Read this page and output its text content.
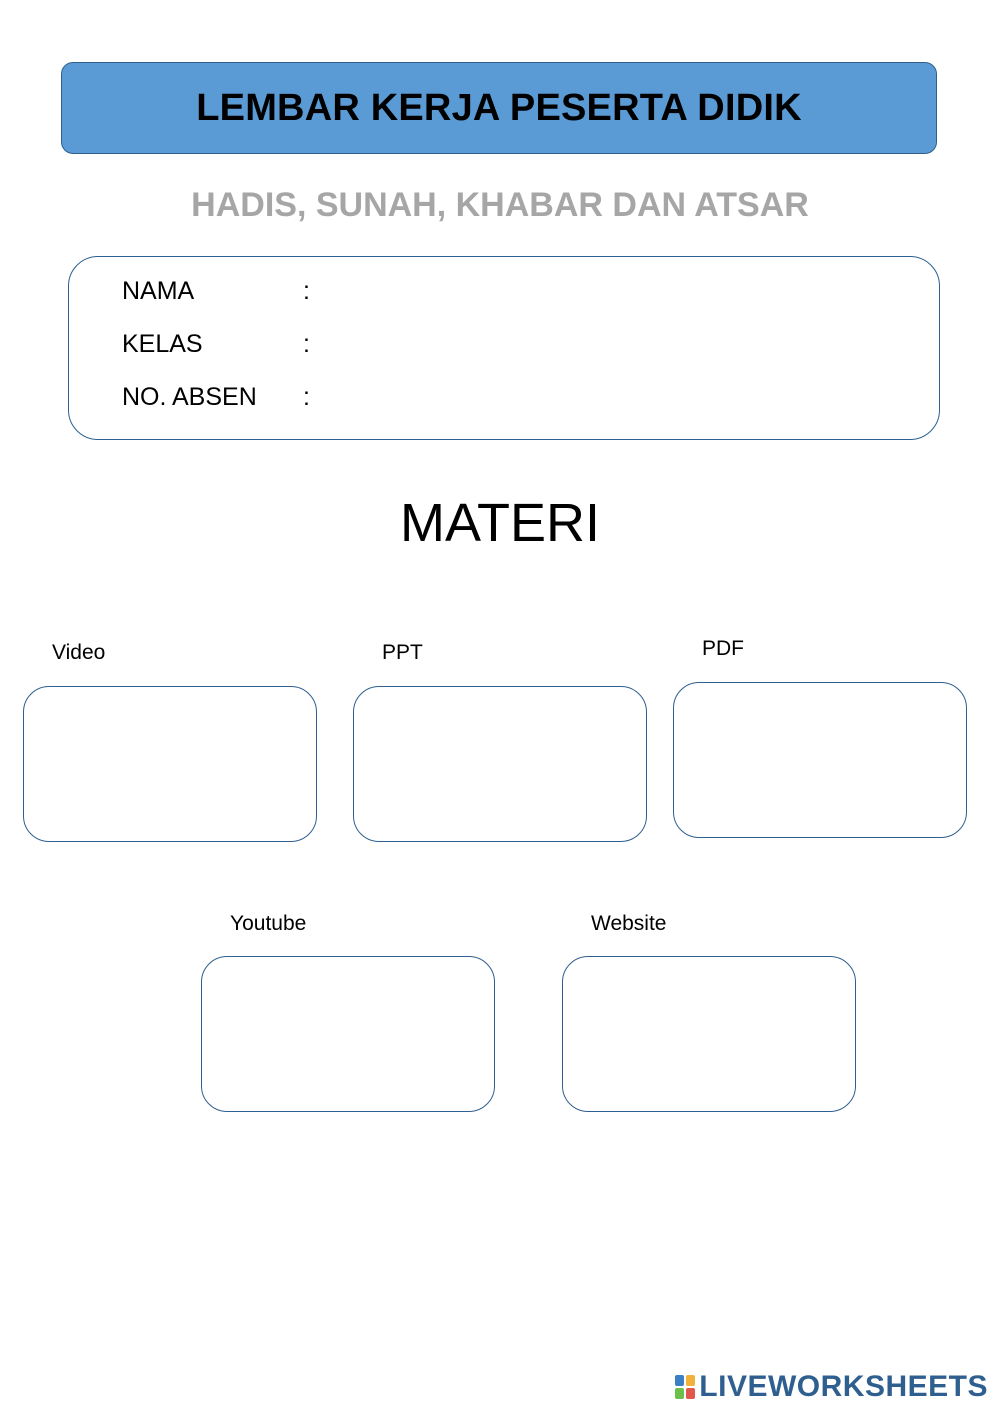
LEMBAR KERJA PESERTA DIDIK
HADIS, SUNAH, KHABAR DAN ATSAR
NAMA	:
KELAS	:
NO. ABSEN :
MATERI
Video	PPT	PDF
Youtube	Website
LIVEWORKSHEETS
